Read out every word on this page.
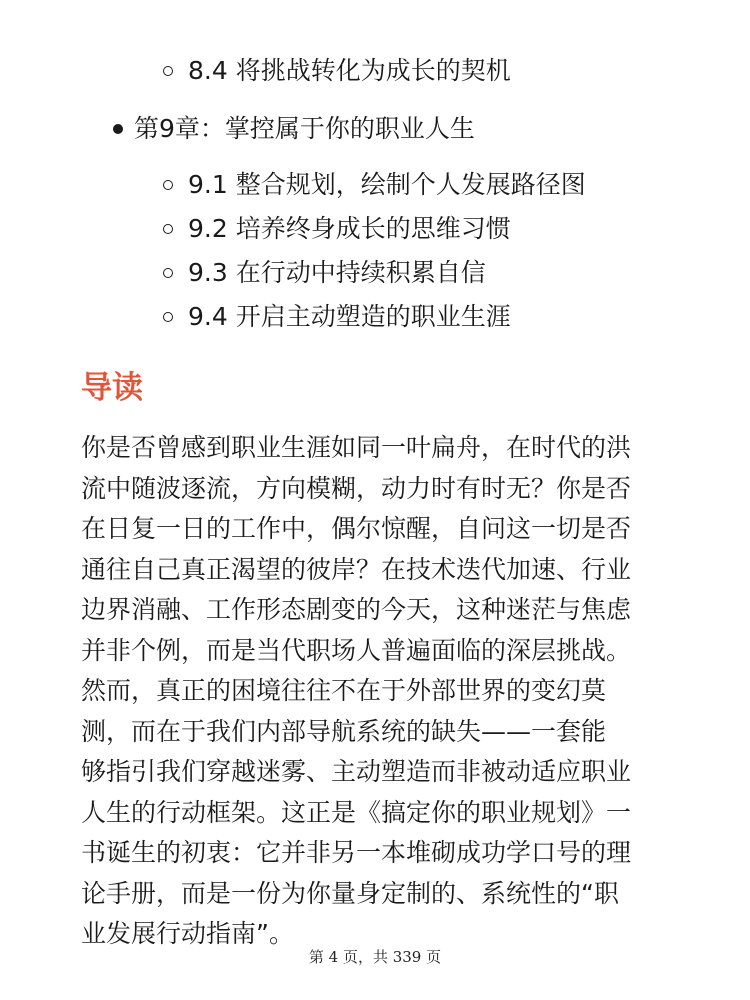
8.4 将挑战转化为成长的契机
第9章：掌控属于你的职业人生
9.1 整合规划，绘制个人发展路径图
9.2 培养终身成长的思维习惯
9.3 在行动中持续积累自信
9.4 开启主动塑造的职业生涯
导读
你是否曾感到职业生涯如同一叶扁舟，在时代的洪
流中随波逐流，方向模糊，动力时有时无？你是否
在日复一日的工作中，偶尔惊醒，自问这一切是否
通往自己真正渴望的彼岸？在技术迭代加速、行业
边界消融、工作形态剧变的今天，这种迷茫与焦虑
并非个例，而是当代职场人普遍面临的深层挑战。
然而，真正的困境往往不在于外部世界的变幻莫
测，而在于我们内部导航系统的缺失——一套能
够指引我们穿越迷雾、主动塑造而非被动适应职业
人生的行动框架。这正是《搞定你的职业规划》一
书诞生的初衷：它并非另一本堆砌成功学口号的理
论手册，而是一份为你量身定制的、系统性的“职
业发展行动指南”。
第 4 页，共 339 页
